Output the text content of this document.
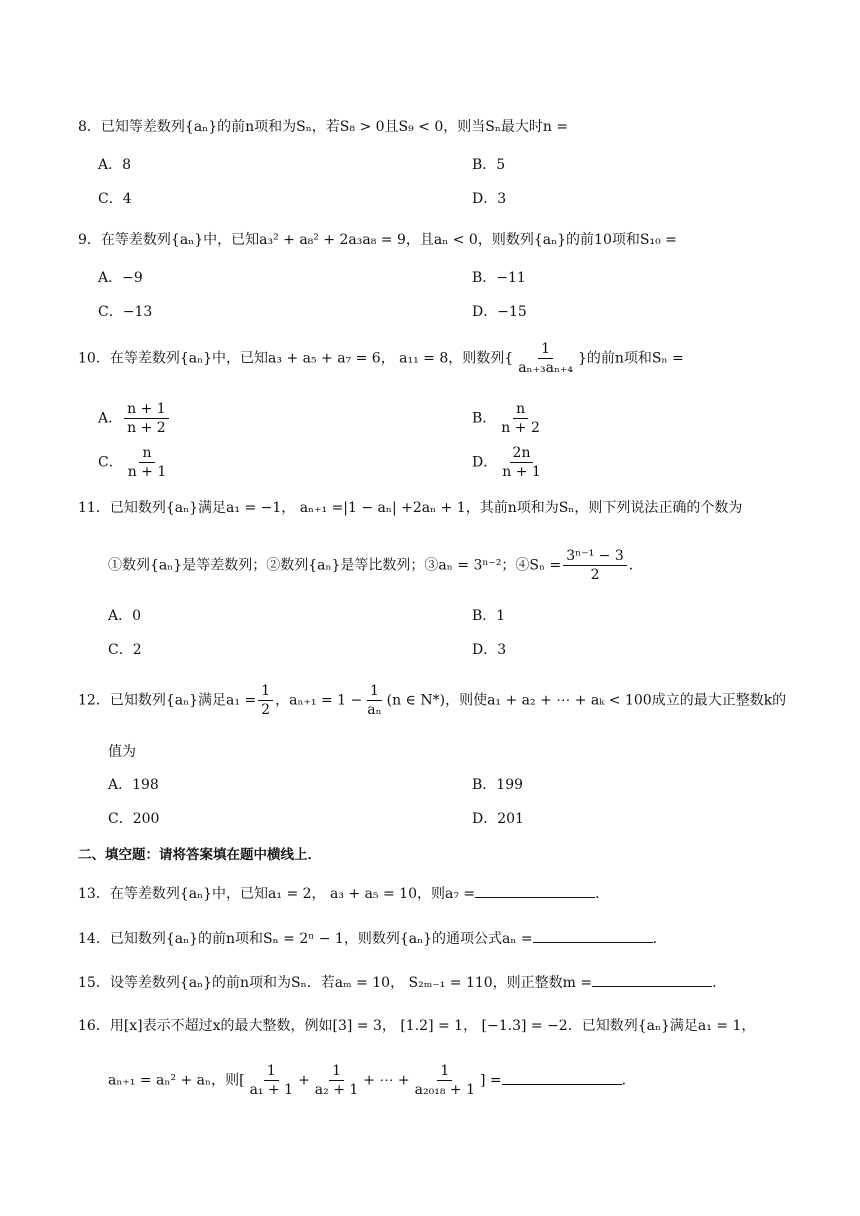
8．已知等差数列{aₙ}的前n项和为Sₙ，若S₈ > 0且S₉ < 0，则当Sₙ最大时n =
A．8	B．5
C．4	D．3
9．在等差数列{aₙ}中，已知a₃² + a₈² + 2a₃a₈ = 9，且aₙ < 0，则数列{aₙ}的前10项和S₁₀ =
A．−9	B．−11
C．−13	D．−15
10．在等差数列{aₙ}中，已知a₃ + a₅ + a₇ = 6， a₁₁ = 8，则数列{ $\frac{1}{\text{aₙ₊₃aₙ₊₄}}$ }的前n项和Sₙ =
A． $\frac{n + 1}{n + 2}$	B． $\frac{n}{n + 2}$
C． $\frac{n}{n + 1}$	D． $\frac{2n}{n + 1}$
11．已知数列{aₙ}满足a₁ = −1， aₙ₊₁ =|1 − aₙ| +2aₙ + 1，其前n项和为Sₙ，则下列说法正确的个数为
①数列{aₙ}是等差数列；②数列{aₙ}是等比数列；③aₙ = 3ⁿ⁻²；④Sₙ = $\frac{\text{3ⁿ⁻¹ − 3}}{2}$ ．
A．0	B．1
C．2	D．3
12．已知数列{aₙ}满足$a_1 = \frac{1}{2}$ ，$a_{n+1} = 1 - \frac{1}{\text{aₙ}} (n$ ∈ N*)，则使a₁ + a₂ + ⋯ + aₖ < 100成立的最大正整数k的
值为
A．198	B．199
C．200	D．201
二、填空题：请将答案填在题中横线上．
13．在等差数列{aₙ}中，已知a₁ = 2， a₃ + a₅ = 10，则a₇ =	．
14．已知数列{aₙ}的前n项和Sₙ = 2ⁿ − 1，则数列{aₙ}的通项公式aₙ =	．
15．设等差数列{aₙ}的前n项和为Sₙ．若aₘ = 10， S₂ₘ₋₁ = 110，则正整数m =	．
16．用[x]表示不超过x的最大整数，例如[3] = 3， [1.2] = 1， [−1.3] = −2．已知数列{aₙ}满足a₁ = 1，
aₙ₊₁ = aₙ² + aₙ，则[ $\frac{1}{\text{a₁ + 1}} + \frac{1}{\text{a₂ + 1}}$ + ⋯ + $\frac{1}{\text{a₂₀₁₈ + 1}}$ ] =	．
